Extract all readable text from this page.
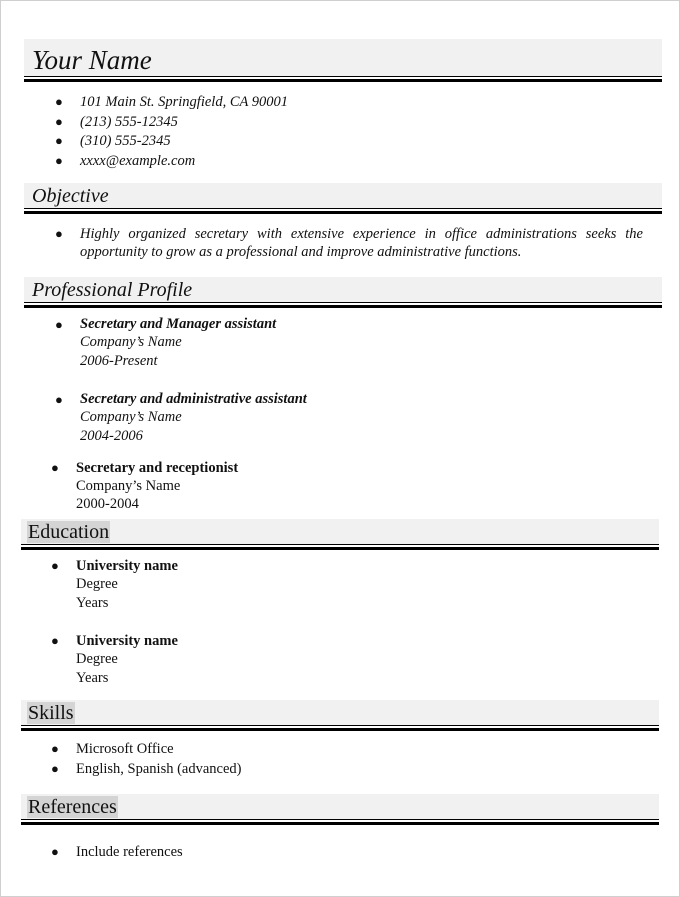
Your Name
● 101 Main St. Springfield, CA 90001
● (213) 555-12345
● (310) 555-2345
● xxxx@example.com
Objective
● Highly organized secretary with extensive experience in office administrations seeks the
opportunity to grow as a professional and improve administrative functions.
Professional Profile
● Secretary and Manager assistant
Company’s Name
2006-Present
● Secretary and administrative assistant
Company’s Name
2004-2006
● Secretary and receptionist
Company’s Name
2000-2004
Education
● University name
Degree
Years
● University name
Degree
Years
Skills
● Microsoft Office
● English, Spanish (advanced)
References
● Include references
